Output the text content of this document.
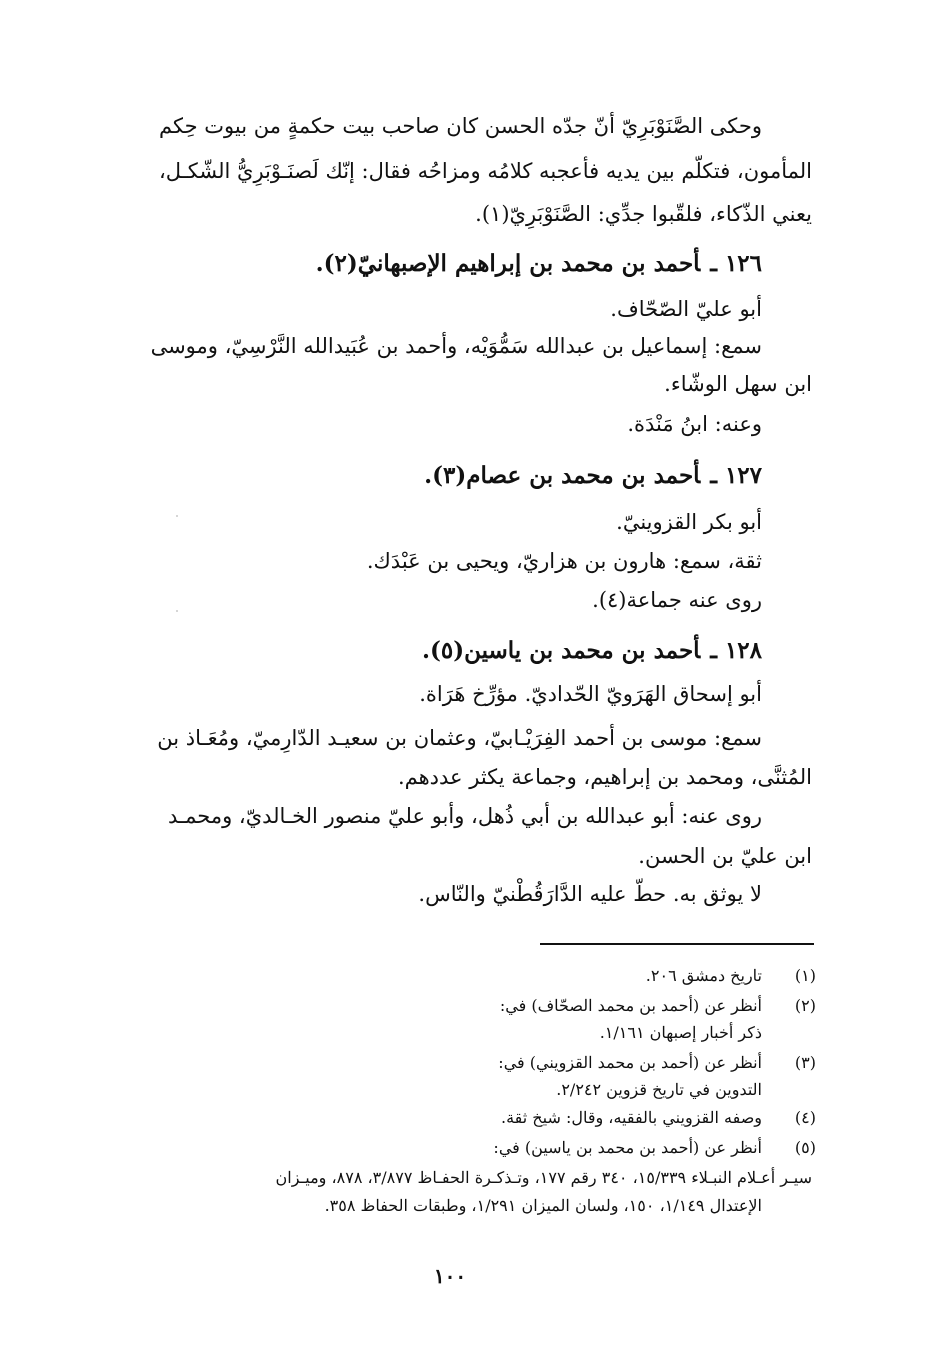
وحكى الصَّنَوْبَرِيّ أنّ جدّه الحسن كان صاحب بيت حكمةٍ من بيوت حِكم
المأمون، فتكلّم بين يديه فأعجبه كلامُه ومزاحُه فقال: إنّك لَصنَـوْبَرِيُّ الشّكـل،
يعني الذّكاء، فلقّبوا جدِّي: الصَّنَوْبَرِيّ(١).
١٢٦ ـأحمد بن محمد بن إبراهيم الإصبهانيّ(٢).
أبو عليّ الصّحّاف.
سمع: إسماعيل بن عبدالله سَمُّوَيْه، وأحمد بن عُبَيدالله النَّرْسِيّ، وموسى
ابن سهل الوشّاء.
وعنه: ابنُ مَنْدَة.
١٢٧ ـأحمد بن محمد بن عصام(٣).
أبو بكر القزوينيّ.
ثقة، سمع: هارون بن هزاريّ، ويحيى بن عَبْدَك.
روى عنه جماعة(٤).
١٢٨ ـأحمد بن محمد بن ياسين(٥).
أبو إسحاق الهَرَويّ الحّداديّ. مؤرِّخ هَرَاة.
سمع: موسى بن أحمد الفِرَيْـابيّ، وعثمان بن سعيـد الدّارِميّ، ومُعَـاذ بن
المُثنَّى، ومحمد بن إبراهيم، وجماعة يكثر عددهم.
روى عنه: أبو عبدالله بن أبي ذُهل، وأبو عليّ منصور الخـالديّ، ومحمـد
ابن عليّ بن الحسن.
لا يوثق به. حطّ عليه الدَّارَقُطْنيّ والنّاس.
(١)
تاريخ دمشق ٢٠٦.
(٢)
أنظر عن (أحمد بن محمد الصحّاف) في:
ذكر أخبار إصبهان ١/١٦١.
(٣)
أنظر عن (أحمد بن محمد القزويني) في:
التدوين في تاريخ قزوين ٢/٢٤٢.
(٤)
وصفه القزويني بالفقيه، وقال: شيخ ثقة.
(٥)
أنظر عن (أحمد بن محمد بن ياسين) في:
سيـر أعـلام النبـلاء ١٥/٣٣٩، ٣٤٠ رقم ١٧٧، وتـذكـرة الحفـاظ ٣/٨٧٧، ٨٧٨، وميـزان
الإعتدال ١/١٤٩، ١٥٠، ولسان الميزان ١/٢٩١، وطبقات الحفاظ ٣٥٨.
١٠٠
